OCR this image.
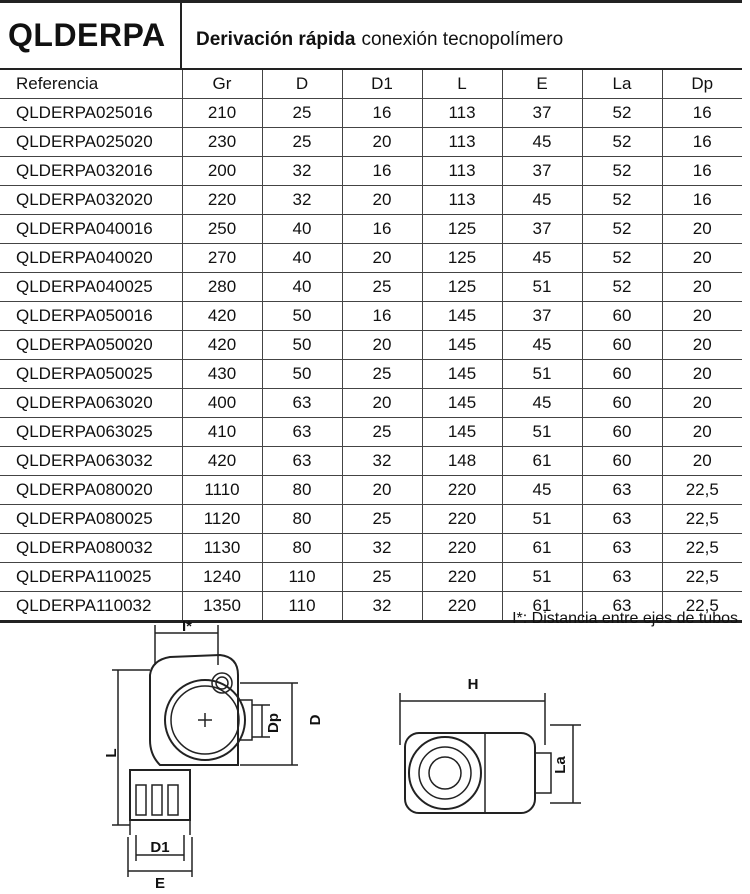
QLDERPA	Derivación rápida conexión tecnopolímero
Referencia	Gr	D	D1	L	E	La	Dp
QLDERPA025016	210	25	16	113	37	52	16
QLDERPA025020	230	25	20	113	45	52	16
QLDERPA032016	200	32	16	113	37	52	16
QLDERPA032020	220	32	20	113	45	52	16
QLDERPA040016	250	40	16	125	37	52	20
QLDERPA040020	270	40	20	125	45	52	20
QLDERPA040025	280	40	25	125	51	52	20
QLDERPA050016	420	50	16	145	37	60	20
QLDERPA050020	420	50	20	145	45	60	20
QLDERPA050025	430	50	25	145	51	60	20
QLDERPA063020	400	63	20	145	45	60	20
QLDERPA063025	410	63	25	145	51	60	20
QLDERPA063032	420	63	32	148	61	60	20
QLDERPA080020	1110	80	20	220	45	63	22,5
QLDERPA080025	1120	80	25	220	51	63	22,5
QLDERPA080032	1130	80	32	220	61	63	22,5
QLDERPA110025	1240	110	25	220	51	63	22,5
QLDERPA110032	1350	110	32	220	61	63	22,5
I*: Distancia entre ejes de tubos
I*
L
Dp D
D1
E
H
La
